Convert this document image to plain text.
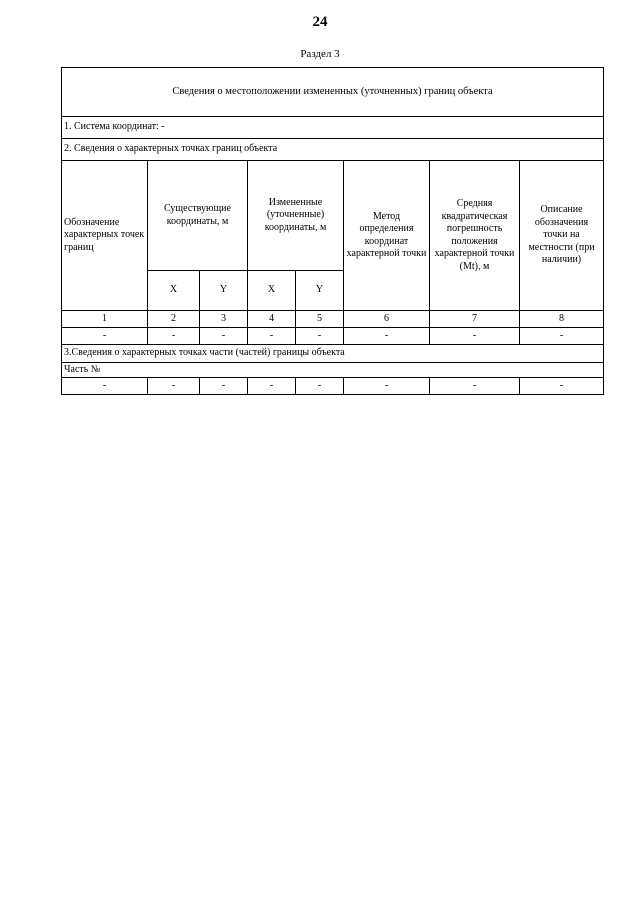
24
Раздел 3
Сведения о местоположении измененных (уточненных) границ объекта							
1. Система координат: -							
2. Сведения о характерных точках границ объекта							
Обозначение характерных точек границ	Существующие координаты, м		Измененные (уточненные) координаты, м		Метод определения координат характерной точки	Средняя квадратическая погрешность положения характерной точки (Мt), м	Описание обозначения точки на местности (при наличии)
	X	Y	X	Y			
1	2	3	4	5	6	7	8
-	-	-	-	-	-	-	-
3.Сведения о характерных точках части (частей) границы объекта							
Часть №							
-	-	-	-	-	-	-	-
